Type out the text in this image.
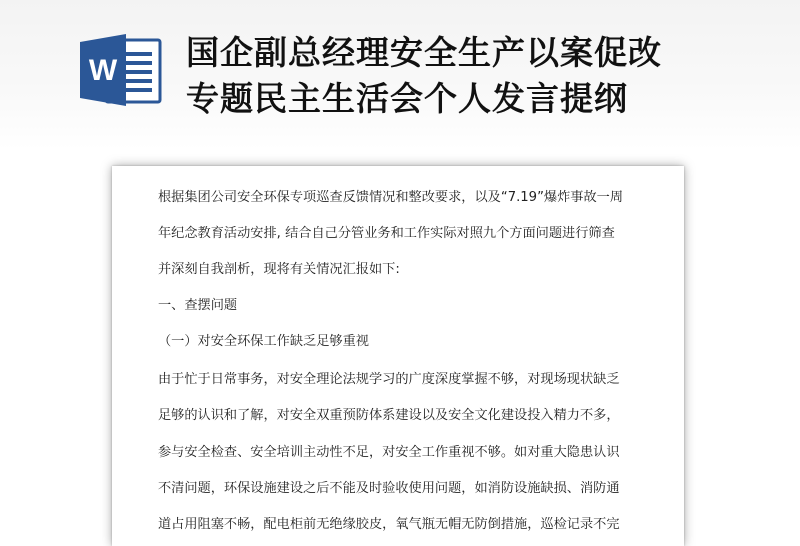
W 国企副总经理安全生产以案促改
专题民主生活会个人发言提纲
根据集团公司安全环保专项巡查反馈情况和整改要求，以及“7.19”爆炸事故一周
年纪念教育活动安排, 结合自己分管业务和工作实际对照九个方面问题进行筛查
并深刻自我剖析，现将有关情况汇报如下:
一、查摆问题
（一）对安全环保工作缺乏足够重视
由于忙于日常事务，对安全理论法规学习的广度深度掌握不够，对现场现状缺乏
足够的认识和了解，对安全双重预防体系建设以及安全文化建设投入精力不多，
参与安全检查、安全培训主动性不足，对安全工作重视不够。如对重大隐患认识
不清问题，环保设施建设之后不能及时验收使用问题，如消防设施缺损、消防通
道占用阻塞不畅，配电柜前无绝缘胶皮，氧气瓶无帽无防倒措施，巡检记录不完
